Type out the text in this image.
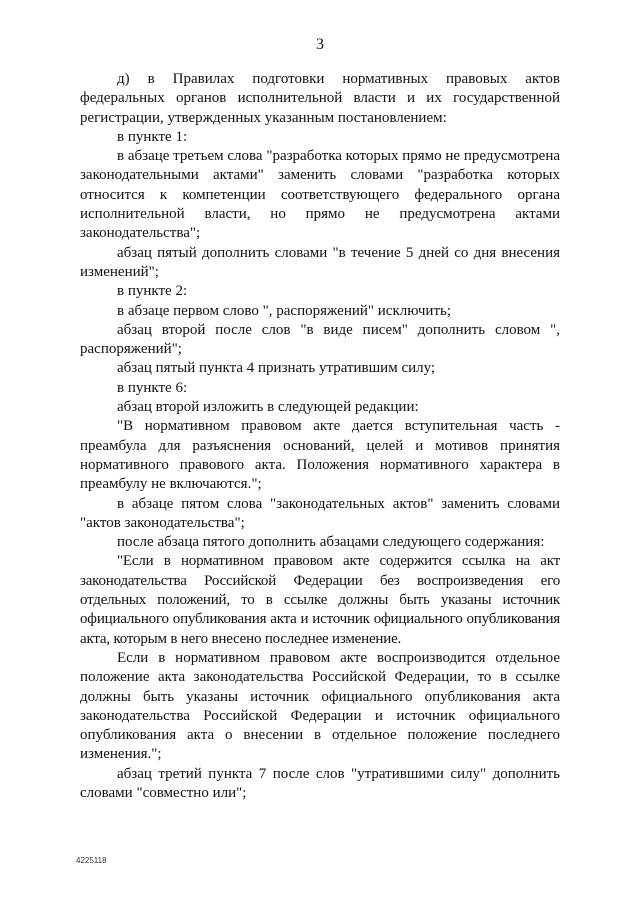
3

д) в Правилах подготовки нормативных правовых актов федеральных органов исполнительной власти и их государственной регистрации, утвержденных указанным постановлением:

в пункте 1:

в абзаце третьем слова "разработка которых прямо не предусмотрена законодательными актами" заменить словами "разработка которых относится к компетенции соответствующего федерального органа исполнительной власти, но прямо не предусмотрена актами законодательства";

абзац пятый дополнить словами "в течение 5 дней со дня внесения изменений";

в пункте 2:

в абзаце первом слово ", распоряжений" исключить;

абзац второй после слов "в виде писем" дополнить словом ", распоряжений";

абзац пятый пункта 4 признать утратившим силу;

в пункте 6:

абзац второй изложить в следующей редакции:

"В нормативном правовом акте дается вступительная часть - преамбула для разъяснения оснований, целей и мотивов принятия нормативного правового акта. Положения нормативного характера в преамбулу не включаются.";

в абзаце пятом слова "законодательных актов" заменить словами "актов законодательства";

после абзаца пятого дополнить абзацами следующего содержания:

"Если в нормативном правовом акте содержится ссылка на акт законодательства Российской Федерации без воспроизведения его отдельных положений, то в ссылке должны быть указаны источник официального опубликования акта и источник официального опубликования акта, которым в него внесено последнее изменение.

Если в нормативном правовом акте воспроизводится отдельное положение акта законодательства Российской Федерации, то в ссылке должны быть указаны источник официального опубликования акта законодательства Российской Федерации и источник официального опубликования акта о внесении в отдельное положение последнего изменения.";

абзац третий пункта 7 после слов "утратившими силу" дополнить словами "совместно или";

4225118
